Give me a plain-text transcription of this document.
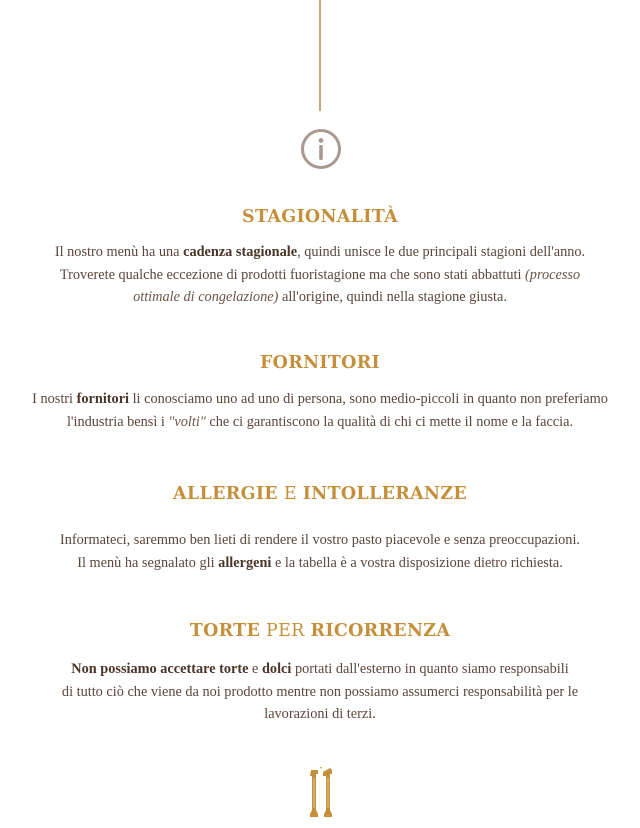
STAGIONALITÀ

Il nostro menù ha una cadenza stagionale, quindi unisce le due principali stagioni dell'anno.
Troverete qualche eccezione di prodotti fuoristagione ma che sono stati abbattuti (processo
ottimale di congelazione) all'origine, quindi nella stagione giusta.

FORNITORI

I nostri fornitori li conosciamo uno ad uno di persona, sono medio-piccoli in quanto non preferiamo
l'industria bensì i "volti" che ci garantiscono la qualità di chi ci mette il nome e la faccia.

ALLERGIE E INTOLLERANZE

Informateci, saremmo ben lieti di rendere il vostro pasto piacevole e senza preoccupazioni.
Il menù ha segnalato gli allergeni e la tabella è a vostra disposizione dietro richiesta.

TORTE PER RICORRENZA

Non possiamo accettare torte e dolci portati dall'esterno in quanto siamo responsabili
di tutto ciò che viene da noi prodotto mentre non possiamo assumerci responsabilità per le
lavorazioni di terzi.
